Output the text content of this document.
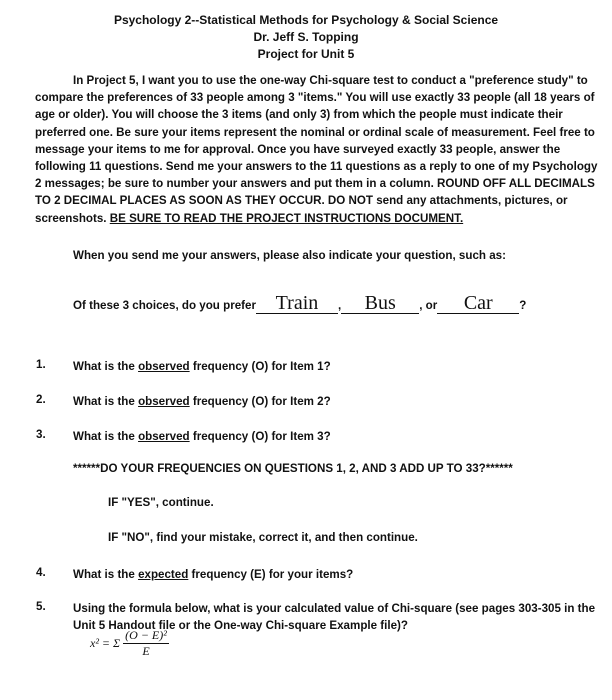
Psychology 2--Statistical Methods for Psychology & Social Science
Dr. Jeff S. Topping
Project for Unit 5
In Project 5, I want you to use the one-way Chi-square test to conduct a "preference study" to compare the preferences of 33 people among 3 "items." You will use exactly 33 people (all 18 years of age or older). You will choose the 3 items (and only 3) from which the people must indicate their preferred one. Be sure your items represent the nominal or ordinal scale of measurement. Feel free to message your items to me for approval. Once you have surveyed exactly 33 people, answer the following 11 questions. Send me your answers to the 11 questions as a reply to one of my Psychology 2 messages; be sure to number your answers and put them in a column. ROUND OFF ALL DECIMALS TO 2 DECIMAL PLACES AS SOON AS THEY OCCUR. DO NOT send any attachments, pictures, or screenshots. BE SURE TO READ THE PROJECT INSTRUCTIONS DOCUMENT.
When you send me your answers, please also indicate your question, such as:
Of these 3 choices, do you prefer Train , Bus , or Car ?
1. What is the observed frequency (O) for Item 1?
2. What is the observed frequency (O) for Item 2?
3. What is the observed frequency (O) for Item 3?
******DO YOUR FREQUENCIES ON QUESTIONS 1, 2, AND 3 ADD UP TO 33?******
IF "YES", continue.
IF "NO", find your mistake, correct it, and then continue.
4. What is the expected frequency (E) for your items?
5. Using the formula below, what is your calculated value of Chi-square (see pages 303-305 in the Unit 5 Handout file or the One-way Chi-square Example file)?
x² = Σ $\frac{\text{(O − E)²}}{E}$
